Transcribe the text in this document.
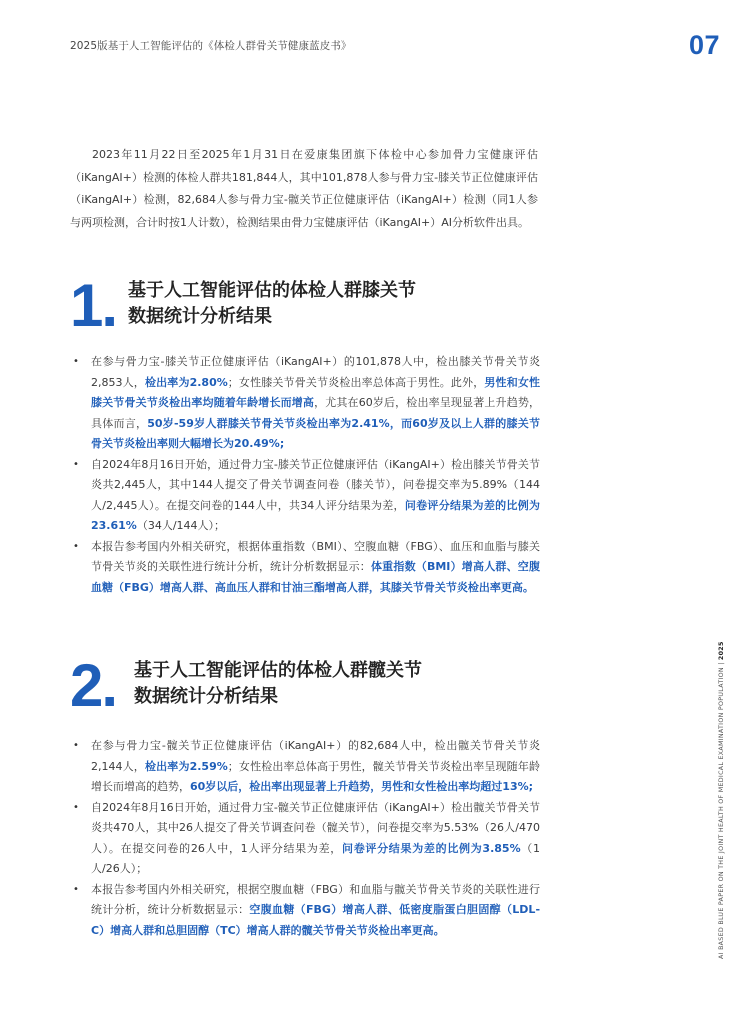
2025版基于人工智能评估的《体检人群骨关节健康蓝皮书》	07

2023年11月22日至2025年1月31日在爱康集团旗下体检中心参加骨力宝健康评估（iKangAI+）检测的体检人群共181,844人，其中101,878人参与骨力宝-膝关节正位健康评估（iKangAI+）检测，82,684人参与骨力宝-髋关节正位健康评估（iKangAI+）检测（同1人参与两项检测，合计时按1人计数），检测结果由骨力宝健康评估（iKangAI+）AI分析软件出具。

1. 基于人工智能评估的体检人群膝关节
数据统计分析结果
• 在参与骨力宝-膝关节正位健康评估（iKangAI+）的101,878人中，检出膝关节骨关节炎2,853人，检出率为2.80%；女性膝关节骨关节炎检出率总体高于男性。此外，男性和女性膝关节骨关节炎检出率均随着年龄增长而增高，尤其在60岁后，检出率呈现显著上升趋势，具体而言，50岁-59岁人群膝关节骨关节炎检出率为2.41%，而60岁及以上人群的膝关节骨关节炎检出率则大幅增长为20.49%;
• 自2024年8月16日开始，通过骨力宝-膝关节正位健康评估（iKangAI+）检出膝关节骨关节炎共2,445人，其中144人提交了骨关节调查问卷（膝关节），问卷提交率为5.89%（144人/2,445人）。在提交问卷的144人中，共34人评分结果为差，问卷评分结果为差的比例为23.61%（34人/144人）；
• 本报告参考国内外相关研究，根据体重指数（BMI）、空腹血糖（FBG）、血压和血脂与膝关节骨关节炎的关联性进行统计分析，统计分析数据显示：体重指数（BMI）增高人群、空腹血糖（FBG）增高人群、高血压人群和甘油三酯增高人群，其膝关节骨关节炎检出率更高。
2. 基于人工智能评估的体检人群髋关节
数据统计分析结果
• 在参与骨力宝-髋关节正位健康评估（iKangAI+）的82,684人中，检出髋关节骨关节炎2,144人，检出率为2.59%；女性检出率总体高于男性，髋关节骨关节炎检出率呈现随年龄增长而增高的趋势，60岁以后，检出率出现显著上升趋势，男性和女性检出率均超过13%;
• 自2024年8月16日开始，通过骨力宝-髋关节正位健康评估（iKangAI+）检出髋关节骨关节炎共470人，其中26人提交了骨关节调查问卷（髋关节），问卷提交率为5.53%（26人/470人）。在提交问卷的26人中，1人评分结果为差，问卷评分结果为差的比例为3.85%（1人/26人）；
• 本报告参考国内外相关研究，根据空腹血糖（FBG）和血脂与髋关节骨关节炎的关联性进行统计分析，统计分析数据显示：空腹血糖（FBG）增高人群、低密度脂蛋白胆固醇（LDL-C）增高人群和总胆固醇（TC）增高人群的髋关节骨关节炎检出率更高。	AI BASED BLUE PAPER ON THE JOINT HEALTH OF MEDICAL EXAMINATION POPULATION | 2025
